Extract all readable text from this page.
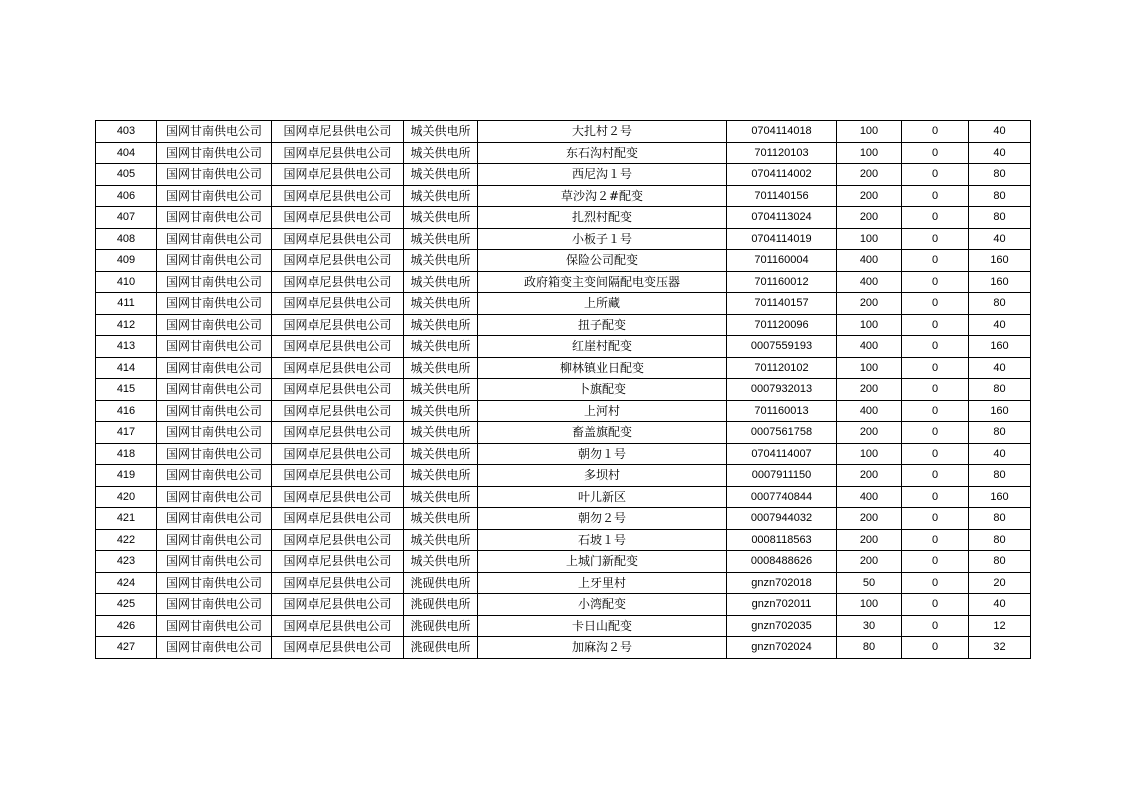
403	国网甘南供电公司	国网卓尼县供电公司	城关供电所	大扎村２号	0704114018	100	0	40
404	国网甘南供电公司	国网卓尼县供电公司	城关供电所	东石沟村配变	701120103	100	0	40
405	国网甘南供电公司	国网卓尼县供电公司	城关供电所	西尼沟１号	0704114002	200	0	80
406	国网甘南供电公司	国网卓尼县供电公司	城关供电所	草沙沟２#配变	701140156	200	0	80
407	国网甘南供电公司	国网卓尼县供电公司	城关供电所	扎烈村配变	0704113024	200	0	80
408	国网甘南供电公司	国网卓尼县供电公司	城关供电所	小板子１号	0704114019	100	0	40
409	国网甘南供电公司	国网卓尼县供电公司	城关供电所	保险公司配变	701160004	400	0	160
410	国网甘南供电公司	国网卓尼县供电公司	城关供电所	政府箱变主变间隔配电变压器	701160012	400	0	160
411	国网甘南供电公司	国网卓尼县供电公司	城关供电所	上所藏	701140157	200	0	80
412	国网甘南供电公司	国网卓尼县供电公司	城关供电所	扭子配变	701120096	100	0	40
413	国网甘南供电公司	国网卓尼县供电公司	城关供电所	红崖村配变	0007559193	400	0	160
414	国网甘南供电公司	国网卓尼县供电公司	城关供电所	柳林镇业日配变	701120102	100	0	40
415	国网甘南供电公司	国网卓尼县供电公司	城关供电所	卜旗配变	0007932013	200	0	80
416	国网甘南供电公司	国网卓尼县供电公司	城关供电所	上河村	701160013	400	0	160
417	国网甘南供电公司	国网卓尼县供电公司	城关供电所	畜盖旗配变	0007561758	200	0	80
418	国网甘南供电公司	国网卓尼县供电公司	城关供电所	朝勿１号	0704114007	100	0	40
419	国网甘南供电公司	国网卓尼县供电公司	城关供电所	多坝村	0007911150	200	0	80
420	国网甘南供电公司	国网卓尼县供电公司	城关供电所	叶儿新区	0007740844	400	0	160
421	国网甘南供电公司	国网卓尼县供电公司	城关供电所	朝勿２号	0007944032	200	0	80
422	国网甘南供电公司	国网卓尼县供电公司	城关供电所	石坡１号	0008118563	200	0	80
423	国网甘南供电公司	国网卓尼县供电公司	城关供电所	上城门新配变	0008488626	200	0	80
424	国网甘南供电公司	国网卓尼县供电公司	洮砚供电所	上牙里村	gnzn702018	50	0	20
425	国网甘南供电公司	国网卓尼县供电公司	洮砚供电所	小湾配变	gnzn702011	100	0	40
426	国网甘南供电公司	国网卓尼县供电公司	洮砚供电所	卡日山配变	gnzn702035	30	0	12
427	国网甘南供电公司	国网卓尼县供电公司	洮砚供电所	加麻沟２号	gnzn702024	80	0	32
